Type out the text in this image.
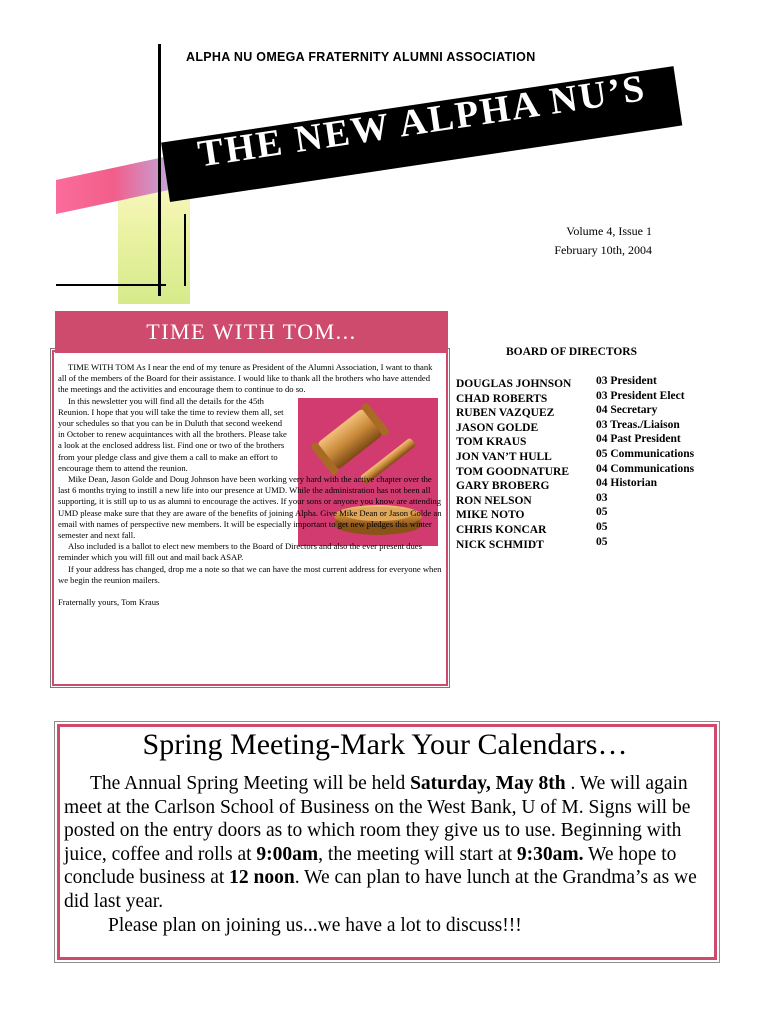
ALPHA NU OMEGA FRATERNITY ALUMNI ASSOCIATION
THE NEW ALPHA NU’S
Volume 4, Issue 1
February 10th, 2004
TIME WITH TOM...

TIME WITH TOM As I near the end of my tenure as President of the Alumni Association, I want to thank all of the members of the Board for their assistance. I would like to thank all the brothers who have attended the meetings and the activities and encourage them to continue to do so.

In this newsletter you will find all the details for the 45th Reunion. I hope that you will take the time to review them all, set your schedules so that you can be in Duluth that second weekend in October to renew acquintances with all the brothers. Please take a look at the enclosed address list. Find one or two of the brothers from your pledge class and give them a call to make an effort to encourage them to attend the reunion.

Mike Dean, Jason Golde and Doug Johnson have been working very hard with the active chapter over the last 6 months trying to instill a new life into our presence at UMD. While the administration has not been all supporting, it is still up to us as alumni to encourage the actives. If your sons or anyone you know are attending UMD please make sure that they are aware of the benefits of joining Alpha. Give Mike Dean or Jason Golde an email with names of perspective new members. It will be especially important to get new pledges this winter semester and next fall.

Also included is a ballot to elect new members to the Board of Directors and also the ever present dues reminder which you will fill out and mail back ASAP.

If your address has changed, drop me a note so that we can have the most current address for everyone when we begin the reunion mailers.

Fraternally yours, Tom Kraus

BOARD OF DIRECTORS
DOUGLAS JOHNSON
CHAD ROBERTS
RUBEN VAZQUEZ
JASON GOLDE
TOM KRAUS
JON VAN’T HULL
TOM GOODNATURE
GARY BROBERG
RON NELSON
MIKE NOTO
CHRIS KONCAR
NICK SCHMIDT
03 President
03 President Elect
04 Secretary
03 Treas./Liaison
04 Past President
05 Communications
04 Communications
04 Historian
03
05
05
05
Spring Meeting-Mark Your Calendars…

The Annual Spring Meeting will be held Saturday, May 8th . We will again meet at the Carlson School of Business on the West Bank, U of M. Signs will be posted on the entry doors as to which room they give us to use. Beginning with juice, coffee and rolls at 9:00am, the meeting will start at 9:30am. We hope to conclude business at 12 noon. We can plan to have lunch at the Grandma’s as we did last year.

Please plan on joining us...we have a lot to discuss!!!
